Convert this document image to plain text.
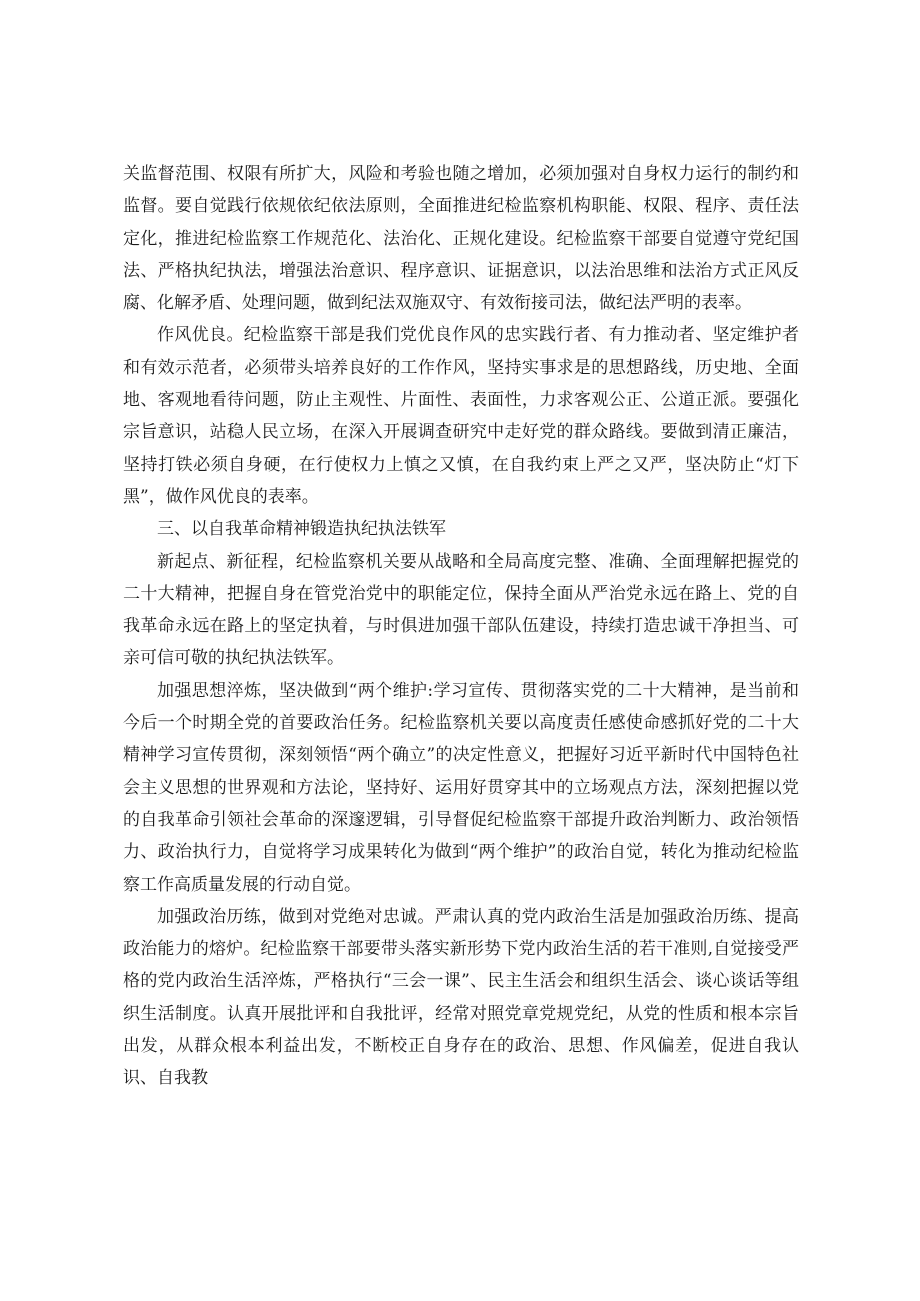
关监督范围、权限有所扩大，风险和考验也随之增加，必须加强对自身权力运行的制约和监督。要自觉践行依规依纪依法原则，全面推进纪检监察机构职能、权限、程序、责任法定化，推进纪检监察工作规范化、法治化、正规化建设。纪检监察干部要自觉遵守党纪国法、严格执纪执法，增强法治意识、程序意识、证据意识，以法治思维和法治方式正风反腐、化解矛盾、处理问题，做到纪法双施双守、有效衔接司法，做纪法严明的表率。

作风优良。纪检监察干部是我们党优良作风的忠实践行者、有力推动者、坚定维护者和有效示范者，必须带头培养良好的工作作风，坚持实事求是的思想路线，历史地、全面地、客观地看待问题，防止主观性、片面性、表面性，力求客观公正、公道正派。要强化宗旨意识，站稳人民立场，在深入开展调查研究中走好党的群众路线。要做到清正廉洁，坚持打铁必须自身硬，在行使权力上慎之又慎，在自我约束上严之又严，坚决防止“灯下黑”，做作风优良的表率。

三、以自我革命精神锻造执纪执法铁军

新起点、新征程，纪检监察机关要从战略和全局高度完整、准确、全面理解把握党的二十大精神，把握自身在管党治党中的职能定位，保持全面从严治党永远在路上、党的自我革命永远在路上的坚定执着，与时俱进加强干部队伍建设，持续打造忠诚干净担当、可亲可信可敬的执纪执法铁军。

加强思想淬炼，坚决做到“两个维护:学习宣传、贯彻落实党的二十大精神，是当前和今后一个时期全党的首要政治任务。纪检监察机关要以高度责任感使命感抓好党的二十大精神学习宣传贯彻，深刻领悟“两个确立”的决定性意义，把握好习近平新时代中国特色社会主义思想的世界观和方法论，坚持好、运用好贯穿其中的立场观点方法，深刻把握以党的自我革命引领社会革命的深邃逻辑，引导督促纪检监察干部提升政治判断力、政治领悟力、政治执行力，自觉将学习成果转化为做到“两个维护”的政治自觉，转化为推动纪检监察工作高质量发展的行动自觉。

加强政治历练，做到对党绝对忠诚。严肃认真的党内政治生活是加强政治历练、提高政治能力的熔炉。纪检监察干部要带头落实新形势下党内政治生活的若干准则,自觉接受严格的党内政治生活淬炼，严格执行“三会一课”、民主生活会和组织生活会、谈心谈话等组织生活制度。认真开展批评和自我批评，经常对照党章党规党纪，从党的性质和根本宗旨出发，从群众根本利益出发，不断校正自身存在的政治、思想、作风偏差，促进自我认识、自我教
